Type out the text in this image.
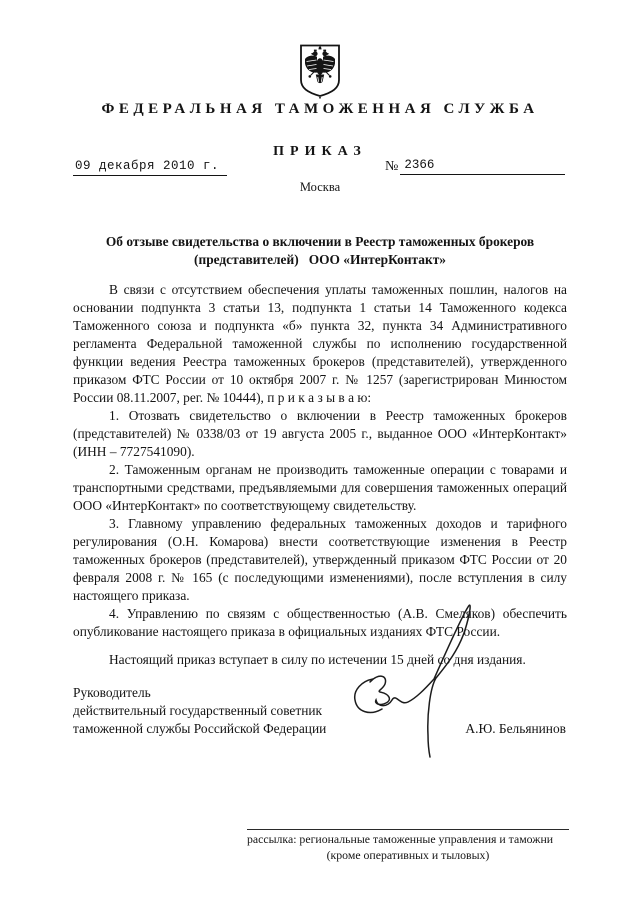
ФЕДЕРАЛЬНАЯ ТАМОЖЕННАЯ СЛУЖБА
ПРИКАЗ
09 декабря 2010 г.	№ 2366
Москва
Об отзыве свидетельства о включении в Реестр таможенных брокеров
(представителей)   ООО «ИнтерКонтакт»

В связи с отсутствием обеспечения уплаты таможенных пошлин, налогов на основании подпункта 3 статьи 13, подпункта 1 статьи 14 Таможенного кодекса Таможенного союза и подпункта «б» пункта 32, пункта 34 Административного регламента Федеральной таможенной службы по исполнению государственной функции ведения Реестра таможенных брокеров (представителей), утвержденного приказом ФТС России от 10 октября 2007 г. № 1257 (зарегистрирован Минюстом России 08.11.2007, рег. № 10444), п р и к а з ы в а ю:

1. Отозвать свидетельство о включении в Реестр таможенных брокеров (представителей) № 0338/03 от 19 августа 2005 г., выданное ООО «ИнтерКонтакт» (ИНН – 7727541090).

2. Таможенным органам не производить таможенные операции с товарами и транспортными средствами, предъявляемыми для совершения таможенных операций ООО «ИнтерКонтакт» по соответствующему свидетельству.

3. Главному управлению федеральных таможенных доходов и тарифного регулирования (О.Н. Комарова) внести соответствующие изменения в Реестр таможенных брокеров (представителей), утвержденный приказом ФТС России от 20 февраля 2008 г. № 165 (с последующими изменениями), после вступления в силу настоящего приказа.

4. Управлению по связям с общественностью (А.В. Смеляков) обеспечить опубликование настоящего приказа в официальных изданиях ФТС России.

Настоящий приказ вступает в силу по истечении 15 дней со дня издания.

Руководитель
действительный государственный советник
таможенной службы Российской Федерации	А.Ю. Бельянинов
рассылка: региональные таможенные управления и таможни
(кроме оперативных и тыловых)
